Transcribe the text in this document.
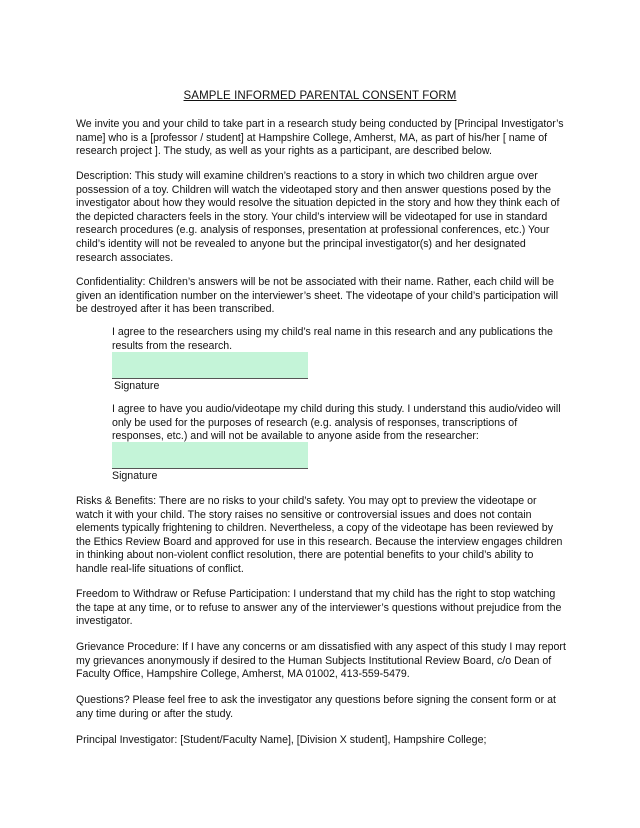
SAMPLE INFORMED PARENTAL CONSENT FORM

We invite you and your child to take part in a research study being conducted by [Principal Investigator’s name] who is a [professor / student] at Hampshire College, Amherst, MA, as part of his/her [ name of research project ]. The study, as well as your rights as a participant, are described below.

Description: This study will examine children’s reactions to a story in which two children argue over possession of a toy. Children will watch the videotaped story and then answer questions posed by the investigator about how they would resolve the situation depicted in the story and how they think each of the depicted characters feels in the story. Your child’s interview will be videotaped for use in standard research procedures (e.g. analysis of responses, presentation at professional conferences, etc.) Your child’s identity will not be revealed to anyone but the principal investigator(s) and her designated research associates.

Confidentiality: Children’s answers will be not be associated with their name. Rather, each child will be given an identification number on the interviewer’s sheet. The videotape of your child’s participation will be destroyed after it has been transcribed.

I agree to the researchers using my child’s real name in this research and any publications the results from the research.

Signature

I agree to have you audio/videotape my child during this study. I understand this audio/video will only be used for the purposes of research (e.g. analysis of responses, transcriptions of responses, etc.) and will not be available to anyone aside from the researcher:

Signature

Risks & Benefits: There are no risks to your child’s safety. You may opt to preview the videotape or watch it with your child. The story raises no sensitive or controversial issues and does not contain elements typically frightening to children. Nevertheless, a copy of the videotape has been reviewed by the Ethics Review Board and approved for use in this research. Because the interview engages children in thinking about non-violent conflict resolution, there are potential benefits to your child’s ability to handle real-life situations of conflict.

Freedom to Withdraw or Refuse Participation: I understand that my child has the right to stop watching the tape at any time, or to refuse to answer any of the interviewer’s questions without prejudice from the investigator.

Grievance Procedure: If I have any concerns or am dissatisfied with any aspect of this study I may report my grievances anonymously if desired to the Human Subjects Institutional Review Board, c/o Dean of Faculty Office, Hampshire College, Amherst, MA 01002, 413-559-5479.

Questions? Please feel free to ask the investigator any questions before signing the consent form or at any time during or after the study.

Principal Investigator: [Student/Faculty Name], [Division X student], Hampshire College;
